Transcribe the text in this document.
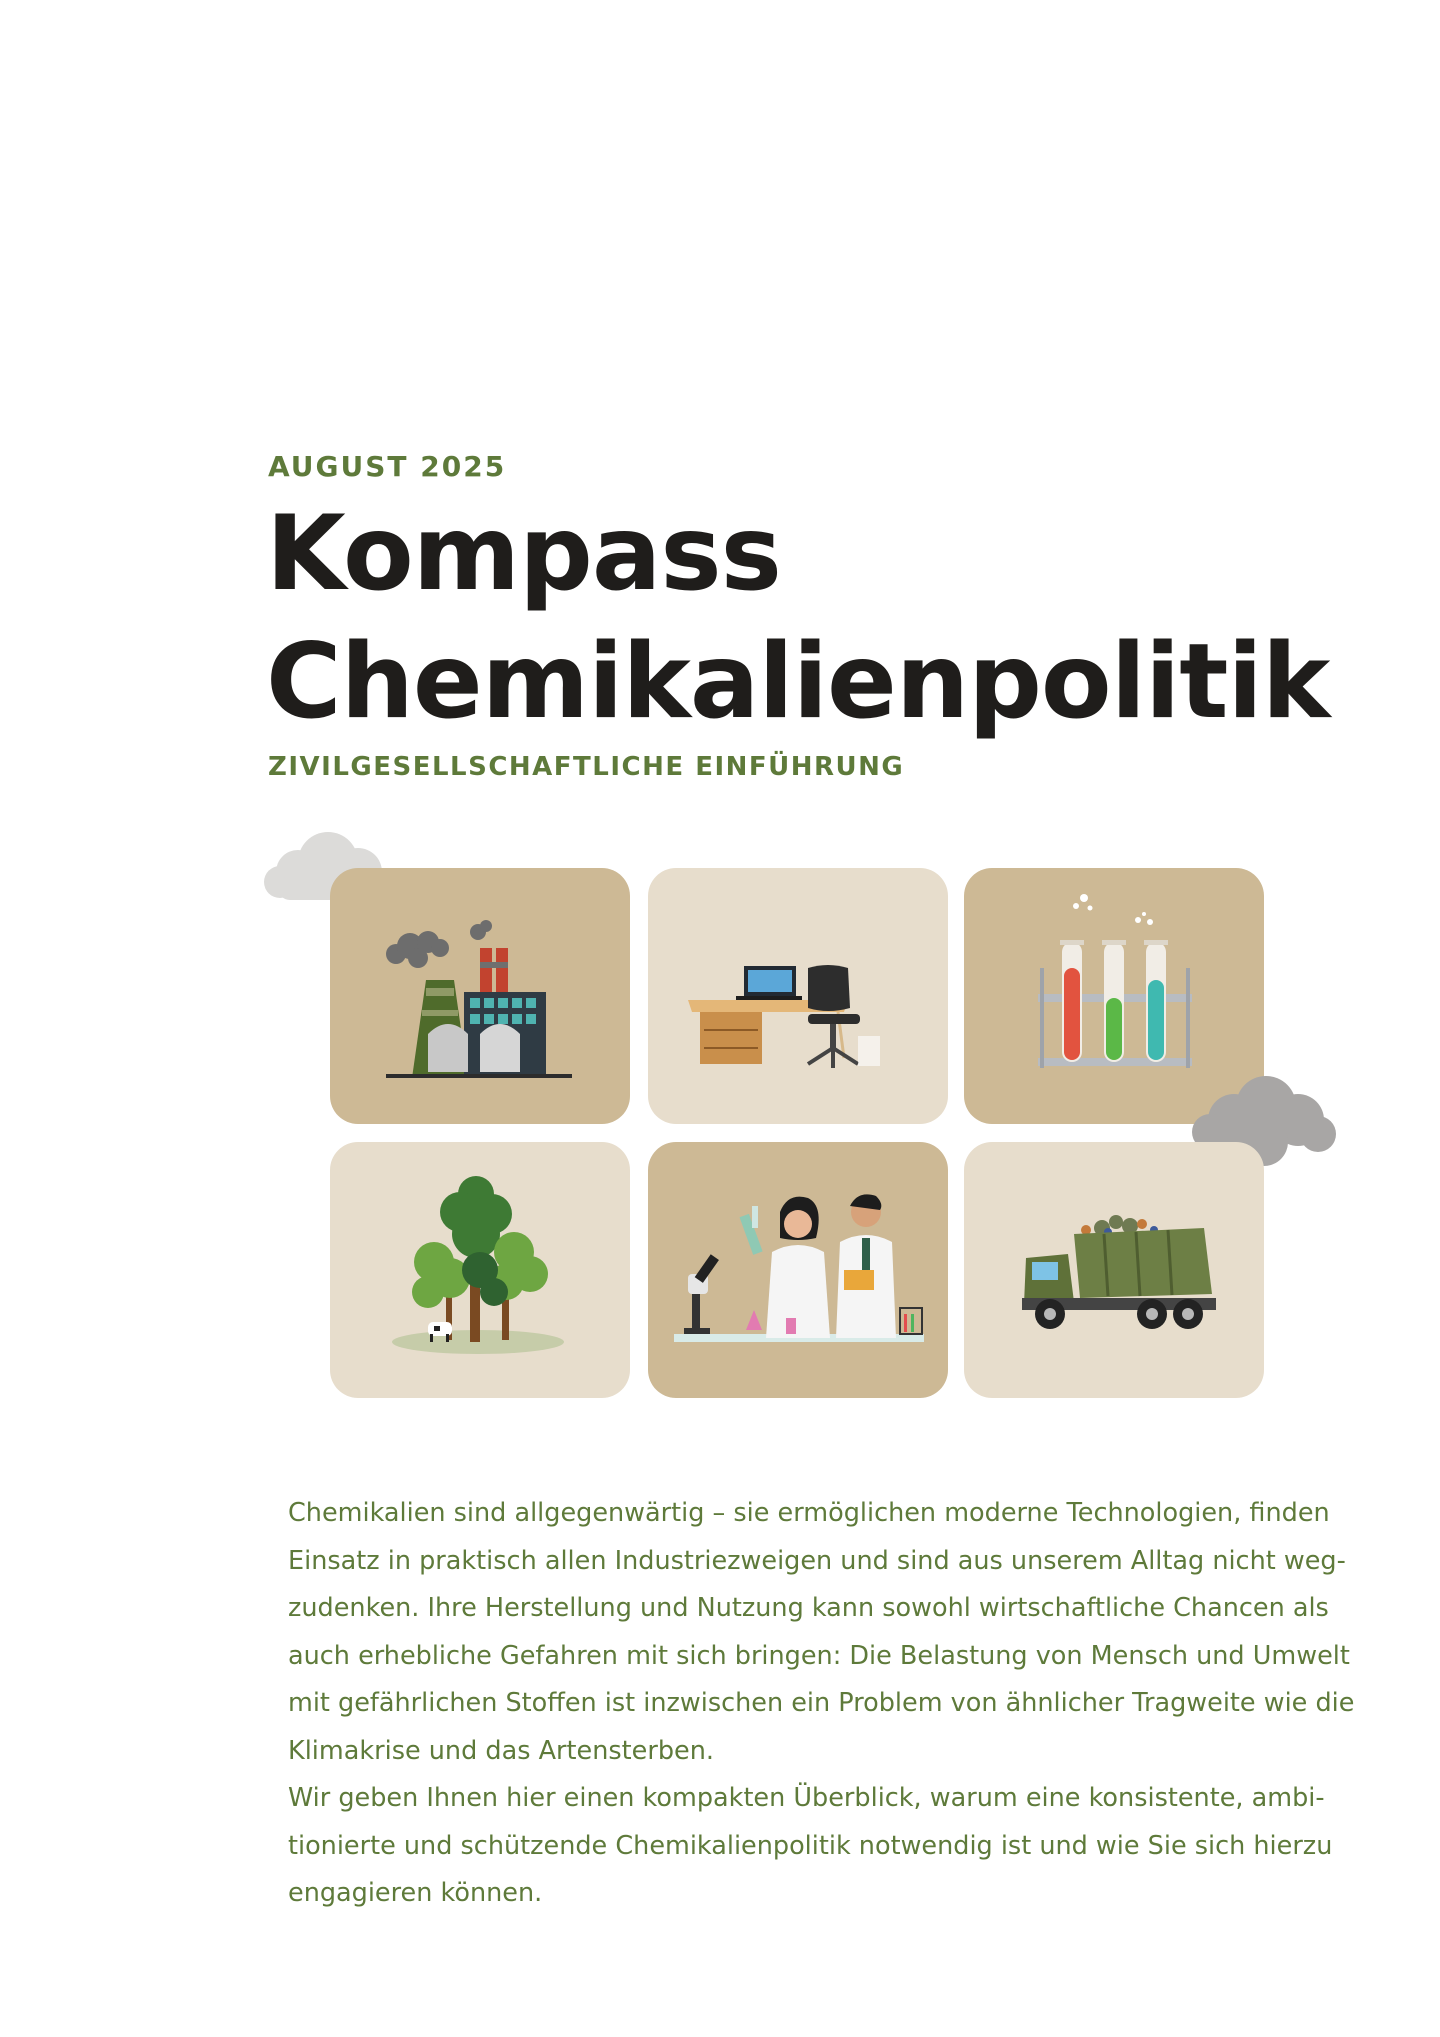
AUGUST 2025
Kompass
Chemikalienpolitik
ZIVILGESELLSCHAFTLICHE EINFÜHRUNG

Chemikalien sind allgegenwärtig – sie ermöglichen moderne Technologien, finden Einsatz in praktisch allen Industriezweigen und sind aus unserem Alltag nicht weg-zudenken. Ihre Herstellung und Nutzung kann sowohl wirtschaftliche Chancen als auch erhebliche Gefahren mit sich bringen: Die Belastung von Mensch und Umwelt mit gefährlichen Stoffen ist inzwischen ein Problem von ähnlicher Tragweite wie die Klimakrise und das Artensterben.

Wir geben Ihnen hier einen kompakten Überblick, warum eine konsistente, ambi-tionierte und schützende Chemikalienpolitik notwendig ist und wie Sie sich hierzu engagieren können.
